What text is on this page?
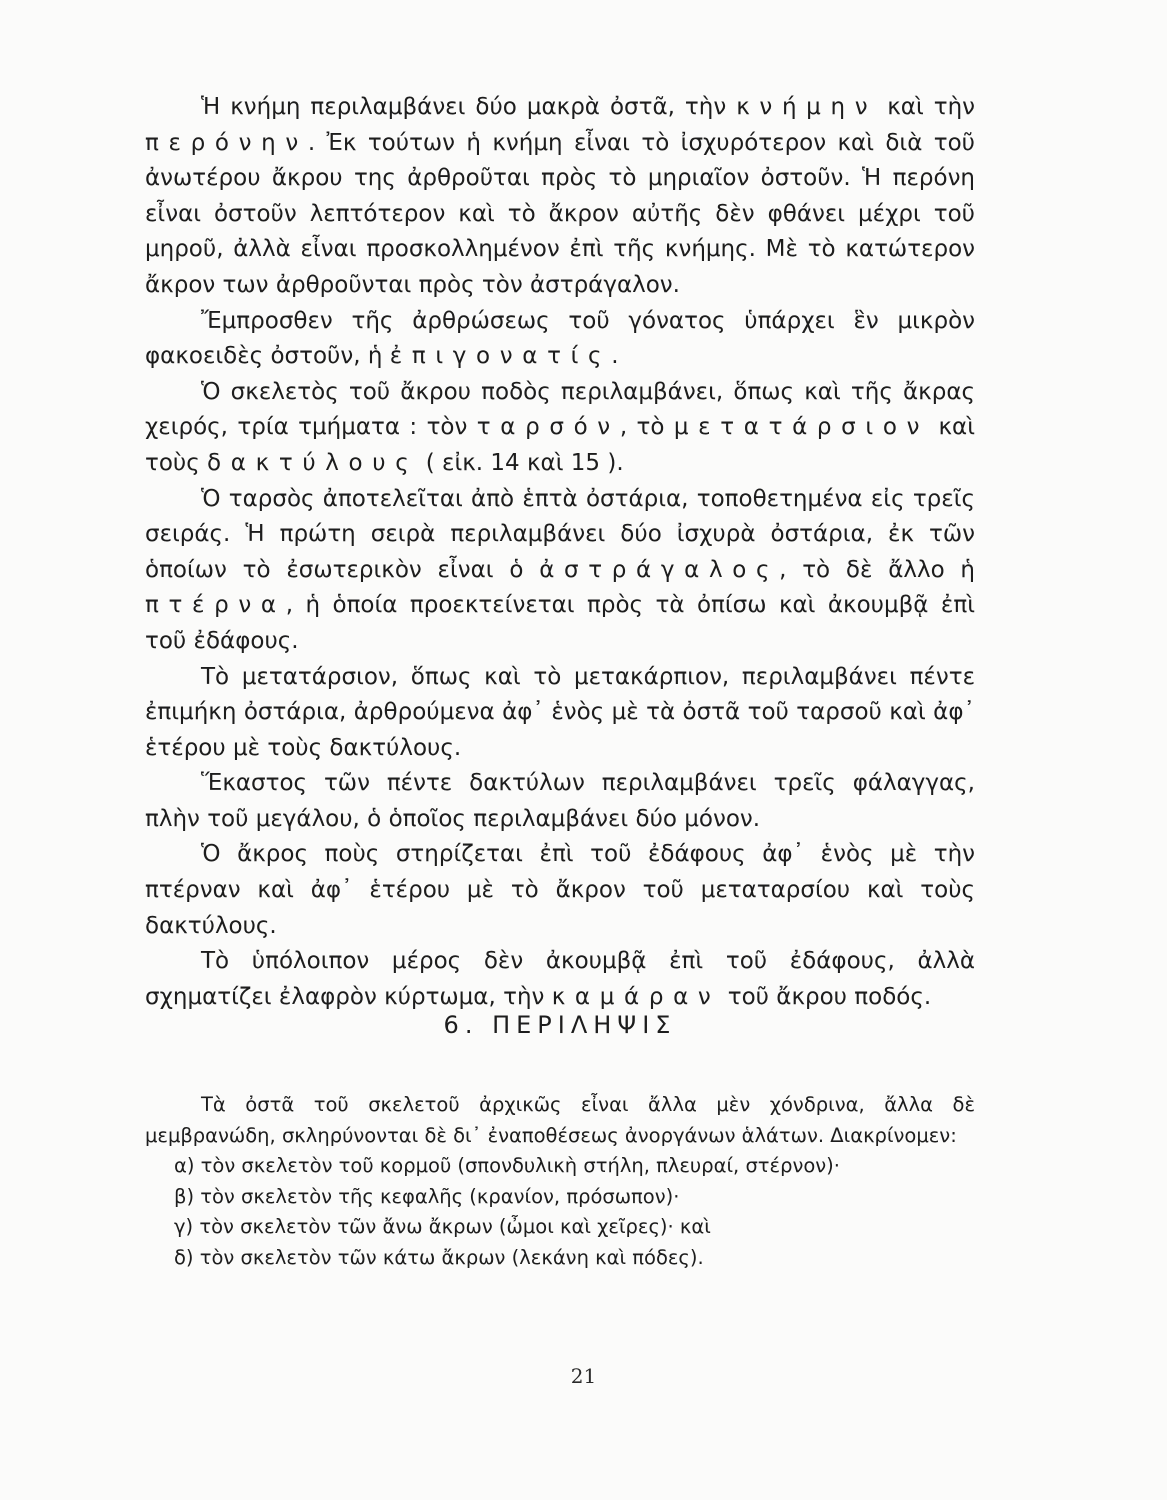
Ἡ κνήμη περιλαμβάνει δύο μακρὰ ὀστᾶ, τὴν κνήμην καὶ τὴν περόνην. Ἐκ τούτων ἡ κνήμη εἶναι τὸ ἰσχυρότερον καὶ διὰ τοῦ ἀνωτέρου ἄκρου της ἀρθροῦται πρὸς τὸ μηριαῖον ὀστοῦν. Ἡ περόνη εἶναι ὀστοῦν λεπτότερον καὶ τὸ ἄκρον αὐτῆς δὲν φθάνει μέχρι τοῦ μηροῦ, ἀλλὰ εἶναι προσκολλημένον ἐπὶ τῆς κνήμης. Μὲ τὸ κατώτερον ἄκρον των ἀρθροῦνται πρὸς τὸν ἀστράγαλον.

Ἔμπροσθεν τῆς ἀρθρώσεως τοῦ γόνατος ὑπάρχει ἓν μικρὸν φακοειδὲς ὀστοῦν, ἡ ἐπιγονατίς.

Ὁ σκελετὸς τοῦ ἄκρου ποδὸς περιλαμβάνει, ὅπως καὶ τῆς ἄκρας χειρός, τρία τμήματα : τὸν ταρσόν, τὸ μετατάρσιον καὶ τοὺς δακτύλους ( εἰκ. 14 καὶ 15 ).

Ὁ ταρσὸς ἀποτελεῖται ἀπὸ ἑπτὰ ὀστάρια, τοποθετημένα εἰς τρεῖς σειράς. Ἡ πρώτη σειρὰ περιλαμβάνει δύο ἰσχυρὰ ὀστάρια, ἐκ τῶν ὁποίων τὸ ἐσωτερικὸν εἶναι ὁ ἀστράγαλος, τὸ δὲ ἄλλο ἡ πτέρνα, ἡ ὁποία προεκτείνεται πρὸς τὰ ὀπίσω καὶ ἀκουμβᾷ ἐπὶ τοῦ ἐδάφους.

Τὸ μετατάρσιον, ὅπως καὶ τὸ μετακάρπιον, περιλαμβάνει πέντε ἐπιμήκη ὀστάρια, ἀρθρούμενα ἀφ᾽ ἑνὸς μὲ τὰ ὀστᾶ τοῦ ταρσοῦ καὶ ἀφ᾽ ἑτέρου μὲ τοὺς δακτύλους.

Ἕκαστος τῶν πέντε δακτύλων περιλαμβάνει τρεῖς φάλαγγας, πλὴν τοῦ μεγάλου, ὁ ὁποῖος περιλαμβάνει δύο μόνον.

Ὁ ἄκρος ποὺς στηρίζεται ἐπὶ τοῦ ἐδάφους ἀφ᾽ ἑνὸς μὲ τὴν πτέρναν καὶ ἀφ᾽ ἑτέρου μὲ τὸ ἄκρον τοῦ μεταταρσίου καὶ τοὺς δακτύλους.

Τὸ ὑπόλοιπον μέρος δὲν ἀκουμβᾷ ἐπὶ τοῦ ἐδάφους, ἀλλὰ σχηματίζει ἐλαφρὸν κύρτωμα, τὴν καμάραν τοῦ ἄκρου ποδός.

6. ΠΕΡΙΛΗΨΙΣ

Τὰ ὀστᾶ τοῦ σκελετοῦ ἀρχικῶς εἶναι ἄλλα μὲν χόνδρινα, ἄλλα δὲ μεμβρανώδη, σκληρύνονται δὲ δι᾽ ἐναποθέσεως ἀνοργάνων ἁλάτων. Διακρίνομεν:

α) τὸν σκελετὸν τοῦ κορμοῦ (σπονδυλικὴ στήλη, πλευραί, στέρνον)·
β) τὸν σκελετὸν τῆς κεφαλῆς (κρανίον, πρόσωπον)·
γ) τὸν σκελετὸν τῶν ἄνω ἄκρων (ὦμοι καὶ χεῖρες)· καὶ
δ) τὸν σκελετὸν τῶν κάτω ἄκρων (λεκάνη καὶ πόδες).
21
